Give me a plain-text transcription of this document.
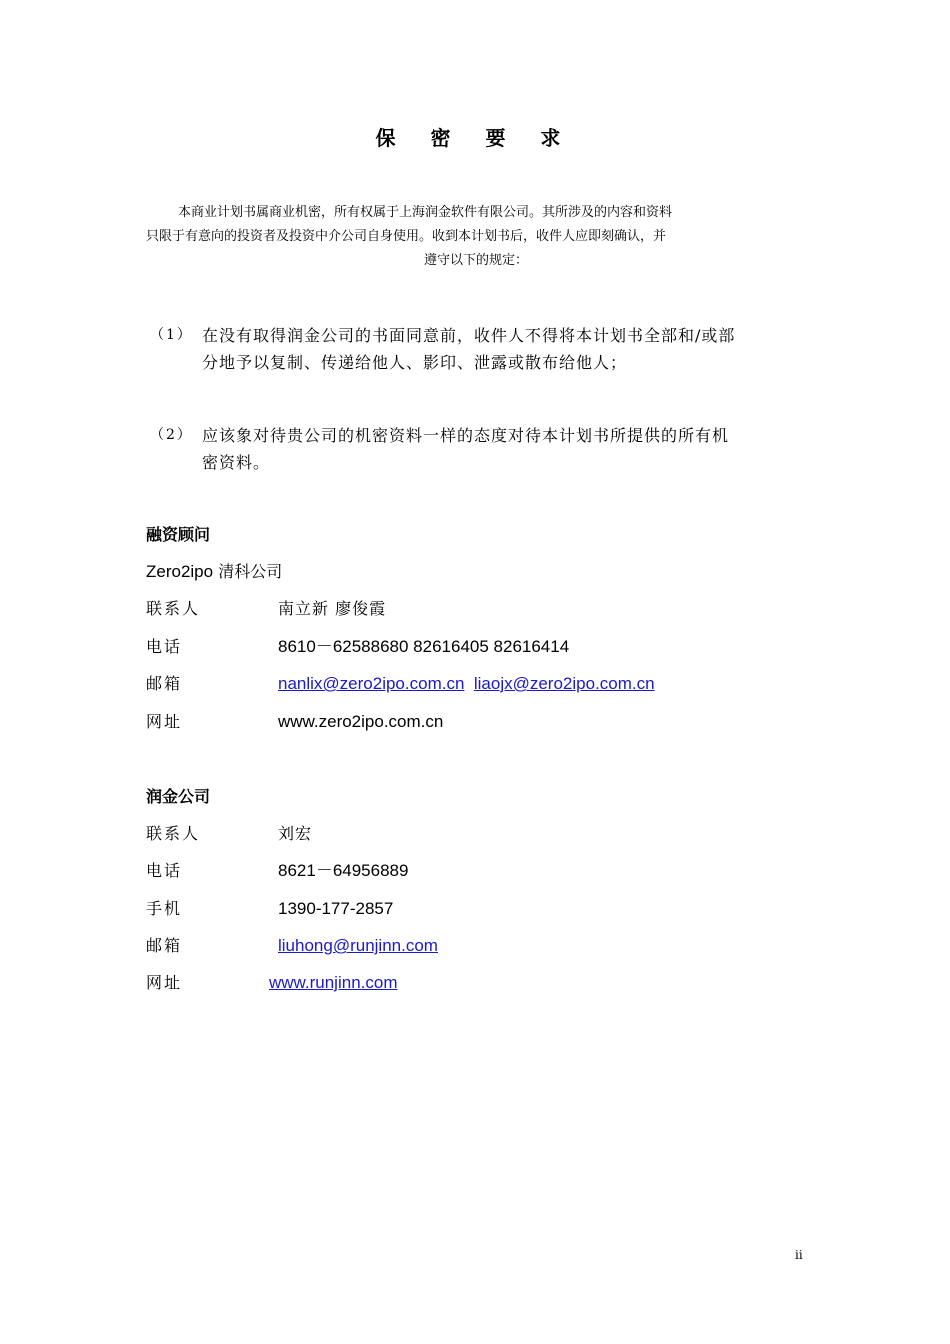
保 密 要 求
本商业计划书属商业机密，所有权属于上海润金软件有限公司。其所涉及的内容和资料
只限于有意向的投资者及投资中介公司自身使用。收到本计划书后，收件人应即刻确认，并
遵守以下的规定：
（1） 在没有取得润金公司的书面同意前，收件人不得将本计划书全部和/或部
分地予以复制、传递给他人、影印、泄露或散布给他人；
（2） 应该象对待贵公司的机密资料一样的态度对待本计划书所提供的所有机
密资料。
融资顾问
Zero2ipo 清科公司
联系人	南立新 廖俊霞
电话	8610－62588680 82616405 82616414
邮箱	nanlix@zero2ipo.com.cn liaojx@zero2ipo.com.cn
网址	www.zero2ipo.com.cn
润金公司
联系人	刘宏
电话	8621－64956889
手机	1390-177-2857
邮箱	liuhong@runjinn.com
网址	www.runjinn.com
ii
